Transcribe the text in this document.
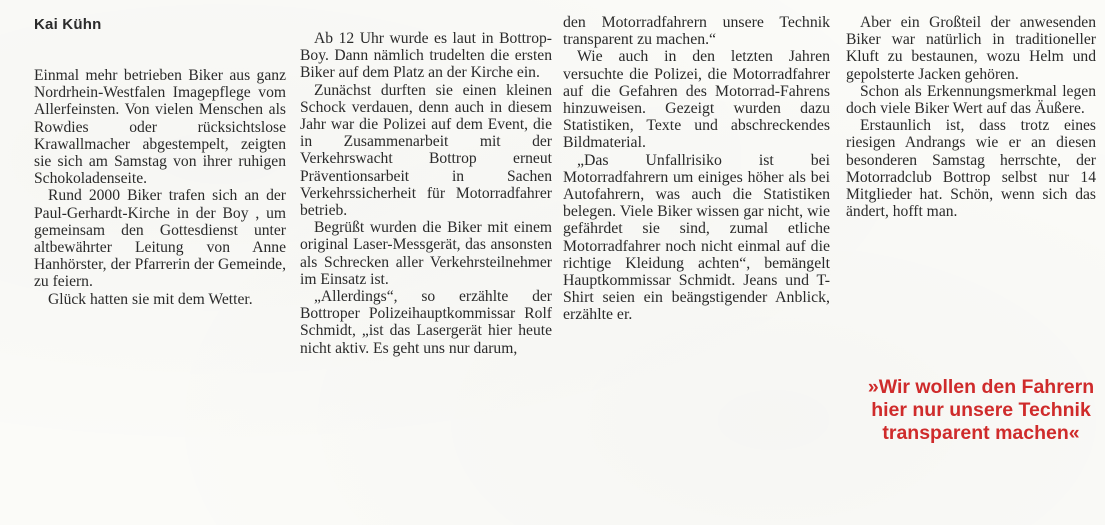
Kai Kühn

Einmal mehr betrieben Biker aus ganz Nordrhein-Westfalen Imagepflege vom Allerfeinsten. Von vielen Menschen als Rowdies oder rücksichtslose Krawallmacher abgestempelt, zeigten sie sich am Samstag von ihrer ruhigen Schokoladenseite.

Rund 2000 Biker trafen sich an der Paul-Gerhardt-Kirche in der Boy , um gemeinsam den Gottesdienst unter altbewährter Leitung von Anne Hanhörster, der Pfarrerin der Gemeinde, zu feiern.

Glück hatten sie mit dem Wetter.

Ab 12 Uhr wurde es laut in Bottrop-Boy. Dann nämlich trudelten die ersten Biker auf dem Platz an der Kirche ein.

Zunächst durften sie einen kleinen Schock verdauen, denn auch in diesem Jahr war die Polizei auf dem Event, die in Zusammenarbeit mit der Verkehrswacht Bottrop erneut Präventionsarbeit in Sachen Verkehrssicherheit für Motorradfahrer betrieb.

Begrüßt wurden die Biker mit einem original Laser-Messgerät, das ansonsten als Schrecken aller Verkehrsteilnehmer im Einsatz ist.

„Allerdings“, so erzählte der Bottroper Polizeihauptkommissar Rolf Schmidt, „ist das Lasergerät hier heute nicht aktiv. Es geht uns nur darum,

den Motorradfahrern unsere Technik transparent zu machen.“

Wie auch in den letzten Jahren versuchte die Polizei, die Motorradfahrer auf die Gefahren des Motorrad-Fahrens hinzuweisen. Gezeigt wurden dazu Statistiken, Texte und abschreckendes Bildmaterial.

„Das Unfallrisiko ist bei Motorradfahrern um einiges höher als bei Autofahrern, was auch die Statistiken belegen. Viele Biker wissen gar nicht, wie gefährdet sie sind, zumal etliche Motorradfahrer noch nicht einmal auf die richtige Kleidung achten“, bemängelt Hauptkommissar Schmidt. Jeans und T-Shirt seien ein beängstigender Anblick, erzählte er.

Aber ein Großteil der anwesenden Biker war natürlich in traditioneller Kluft zu bestaunen, wozu Helm und gepolsterte Jacken gehören.

Schon als Erkennungsmerkmal legen doch viele Biker Wert auf das Äußere.

Erstaunlich ist, dass trotz eines riesigen Andrangs wie er an diesen besonderen Samstag herrschte, der Motorradclub Bottrop selbst nur 14 Mitglieder hat. Schön, wenn sich das ändert, hofft man.

»Wir wollen den Fahrern hier nur unsere Technik transparent machen«
